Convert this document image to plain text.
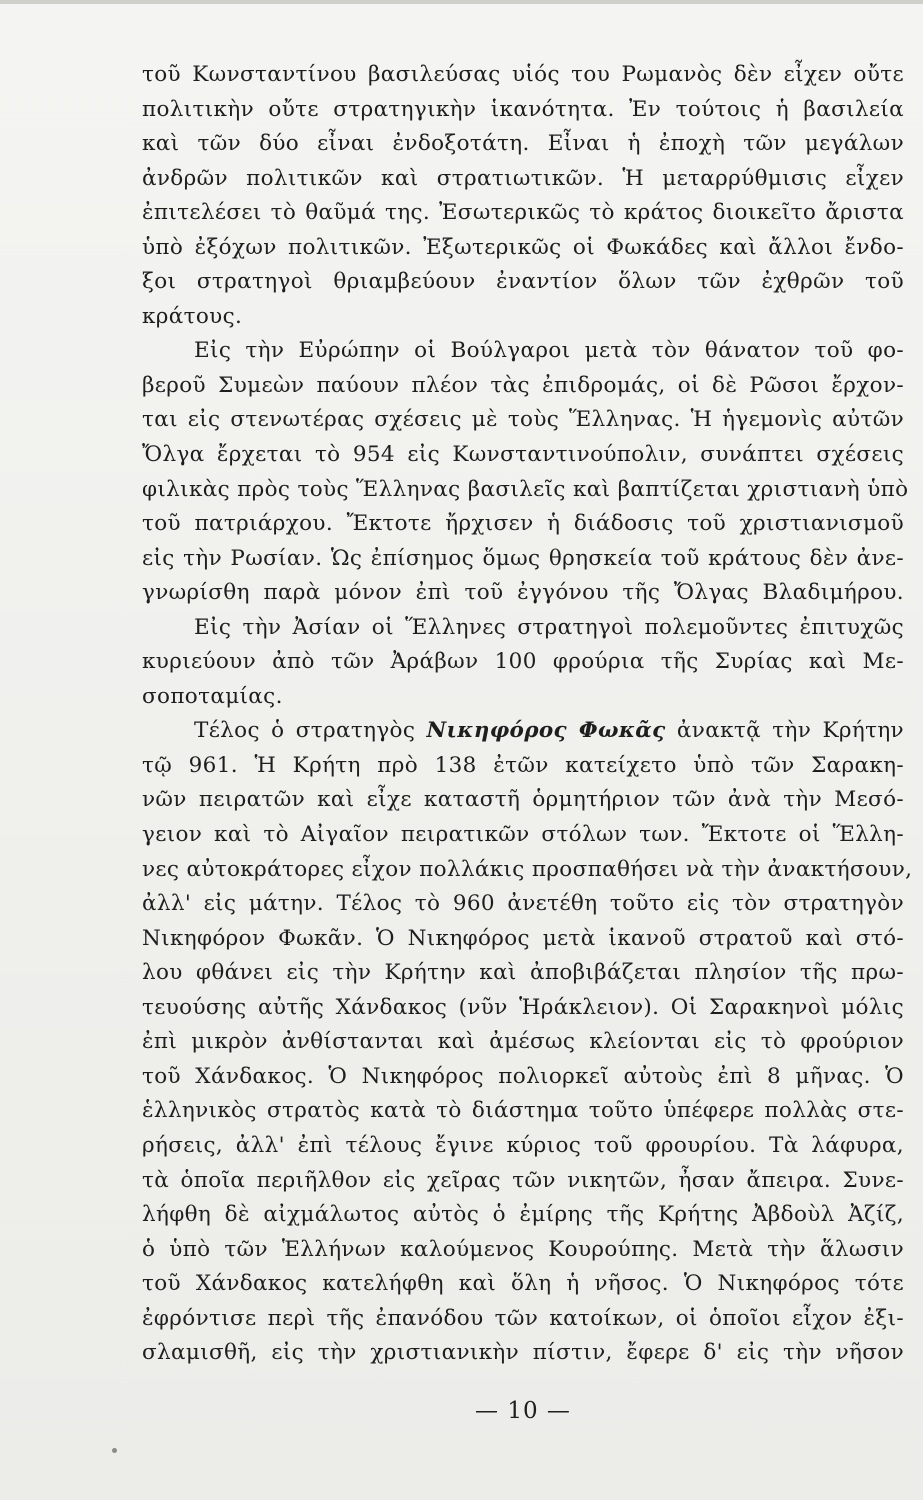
τοῦ Κωνσταντίνου βασιλεύσας υἱός του Ρωμανὸς δὲν εἶχεν οὔτε
πολιτικὴν οὔτε στρατηγικὴν ἱκανότητα. Ἐν τούτοις ἡ βασιλεία
καὶ τῶν δύο εἶναι ἐνδοξοτάτη. Εἶναι ἡ ἐποχὴ τῶν μεγάλων
ἀνδρῶν πολιτικῶν καὶ στρατιωτικῶν. Ἡ μεταρρύθμισις εἶχεν
ἐπιτελέσει τὸ θαῦμά της. Ἐσωτερικῶς τὸ κράτος διοικεῖτο ἄριστα
ὑπὸ ἐξόχων πολιτικῶν. Ἐξωτερικῶς οἱ Φωκάδες καὶ ἄλλοι ἔνδο-
ξοι στρατηγοὶ θριαμβεύουν ἐναντίον ὅλων τῶν ἐχθρῶν τοῦ
κράτους.
Εἰς τὴν Εὐρώπην οἱ Βούλγαροι μετὰ τὸν θάνατον τοῦ φο-
βεροῦ Συμεὼν παύουν πλέον τὰς ἐπιδρομάς, οἱ δὲ Ρῶσοι ἔρχον-
ται εἰς στενωτέρας σχέσεις μὲ τοὺς Ἕλληνας. Ἡ ἡγεμονὶς αὐτῶν
Ὄλγα ἔρχεται τὸ 954 εἰς Κωνσταντινούπολιν, συνάπτει σχέσεις
φιλικὰς πρὸς τοὺς Ἕλληνας βασιλεῖς καὶ βαπτίζεται χριστιανὴ ὑπὸ
τοῦ πατριάρχου. Ἔκτοτε ἤρχισεν ἡ διάδοσις τοῦ χριστιανισμοῦ
εἰς τὴν Ρωσίαν. Ὡς ἐπίσημος ὅμως θρησκεία τοῦ κράτους δὲν ἀνε-
γνωρίσθη παρὰ μόνον ἐπὶ τοῦ ἐγγόνου τῆς Ὄλγας Βλαδιμήρου.
Εἰς τὴν Ἀσίαν οἱ Ἕλληνες στρατηγοὶ πολεμοῦντες ἐπιτυχῶς
κυριεύουν ἀπὸ τῶν Ἀράβων 100 φρούρια τῆς Συρίας καὶ Με-
σοποταμίας.
Τέλος ὁ στρατηγὸς Νικηφόρος Φωκᾶς ἀνακτᾷ τὴν Κρήτην
τῷ 961. Ἡ Κρήτη πρὸ 138 ἐτῶν κατείχετο ὑπὸ τῶν Σαρακη-
νῶν πειρατῶν καὶ εἶχε καταστῆ ὁρμητήριον τῶν ἀνὰ τὴν Μεσό-
γειον καὶ τὸ Αἰγαῖον πειρατικῶν στόλων των. Ἔκτοτε οἱ Ἕλλη-
νες αὐτοκράτορες εἶχον πολλάκις προσπαθήσει νὰ τὴν ἀνακτήσουν,
ἀλλ' εἰς μάτην. Τέλος τὸ 960 ἀνετέθη τοῦτο εἰς τὸν στρατηγὸν
Νικηφόρον Φωκᾶν. Ὁ Νικηφόρος μετὰ ἱκανοῦ στρατοῦ καὶ στό-
λου φθάνει εἰς τὴν Κρήτην καὶ ἀποβιβάζεται πλησίον τῆς πρω-
τευούσης αὐτῆς Χάνδακος (νῦν Ἡράκλειον). Οἱ Σαρακηνοὶ μόλις
ἐπὶ μικρὸν ἀνθίστανται καὶ ἀμέσως κλείονται εἰς τὸ φρούριον
τοῦ Χάνδακος. Ὁ Νικηφόρος πολιορκεῖ αὐτοὺς ἐπὶ 8 μῆνας. Ὁ
ἑλληνικὸς στρατὸς κατὰ τὸ διάστημα τοῦτο ὑπέφερε πολλὰς στε-
ρήσεις, ἀλλ' ἐπὶ τέλους ἔγινε κύριος τοῦ φρουρίου. Τὰ λάφυρα,
τὰ ὁποῖα περιῆλθον εἰς χεῖρας τῶν νικητῶν, ἦσαν ἄπειρα. Συνε-
λήφθη δὲ αἰχμάλωτος αὐτὸς ὁ ἐμίρης τῆς Κρήτης Ἀβδοὺλ Ἀζίζ,
ὁ ὑπὸ τῶν Ἑλλήνων καλούμενος Κουρούπης. Μετὰ τὴν ἅλωσιν
τοῦ Χάνδακος κατελήφθη καὶ ὅλη ἡ νῆσος. Ὁ Νικηφόρος τότε
ἐφρόντισε περὶ τῆς ἐπανόδου τῶν κατοίκων, οἱ ὁποῖοι εἶχον ἐξι-
σλαμισθῆ, εἰς τὴν χριστιανικὴν πίστιν, ἔφερε δ' εἰς τὴν νῆσον
— 10 —
